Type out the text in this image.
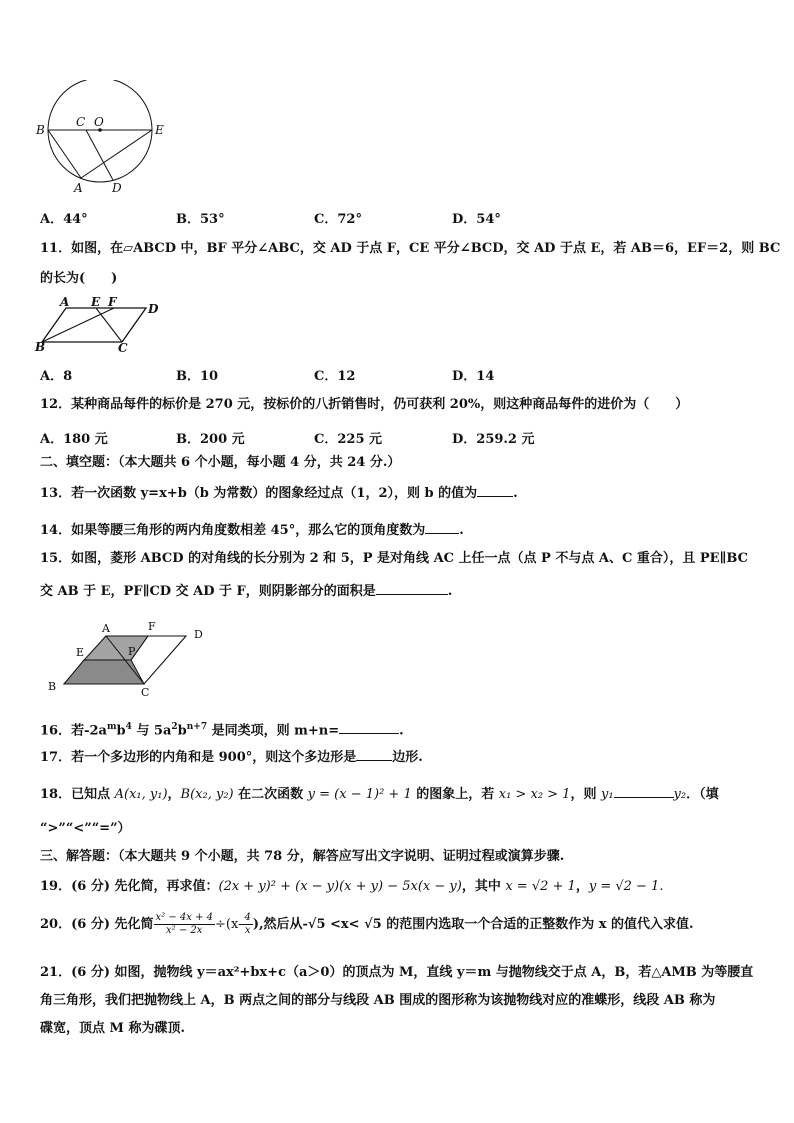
B
C O
E
A D
A．44°	B．53°	C．72°	D．54°
11．如图，在▱ABCD 中，BF 平分∠ABC，交 AD 于点 F，CE 平分∠BCD，交 AD 于点 E，若 AB＝6，EF＝2，则 BC
的长为(　　)
A E F	D
B	C
A．8	B．10	C．12	D．14
12．某种商品每件的标价是 270 元，按标价的八折销售时，仍可获利 20%，则这种商品每件的进价为（　　）
A．180 元	B．200 元	C．225 元	D．259.2 元
二、填空题：（本大题共 6 个小题，每小题 4 分，共 24 分.）
13．若一次函数 y=x+b（b 为常数）的图象经过点（1，2），则 b 的值为	.
14．如果等腰三角形的两内角度数相差 45°，那么它的顶角度数为	.
15．如图，菱形 ABCD 的对角线的长分别为 2 和 5，P 是对角线 AC 上任一点（点 P 不与点 A、C 重合），且 PE∥BC
交 AB 于 E，PF∥CD 交 AD 于 F，则阴影部分的面积是	.
A	F
D
E	P
B	C
16．若$-2a^mb^4$ 与 $5a^2b^{n+7}$ 是同类项，则 m+n=	.
17．若一个多边形的内角和是 900°，则这个多边形是	边形.
18．已知点 A(x₁, y₁)，B(x₂, y₂) 在二次函数 y = (x − 1)² + 1 的图象上，若 x₁ > x₂ > 1，则 y₁	y₂．（填
“>”“<”“=”）
三、解答题：（本大题共 9 个小题，共 78 分，解答应写出文字说明、证明过程或演算步骤.
19．(6 分) 先化简，再求值：(2x + y)² + (x − y)(x + y) − 5x(x − y)，其中 x = √2 + 1，y = √2 − 1.
20．(6 分) 先化简 $\frac{\text{x² − 4x + 4}}{\text{x² − 2x}} \div(x- \frac{4}{x}$ ),然后从-√5 <x< √5 的范围内选取一个合适的正整数作为 x 的值代入求值.
21．(6 分) 如图，抛物线 y＝ax²+bx+c（a＞0）的顶点为 M，直线 y＝m 与抛物线交于点 A，B，若△AMB 为等腰直
角三角形，我们把抛物线上 A，B 两点之间的部分与线段 AB 围成的图形称为该抛物线对应的准蝶形，线段 AB 称为
碟宽，顶点 M 称为碟顶.
